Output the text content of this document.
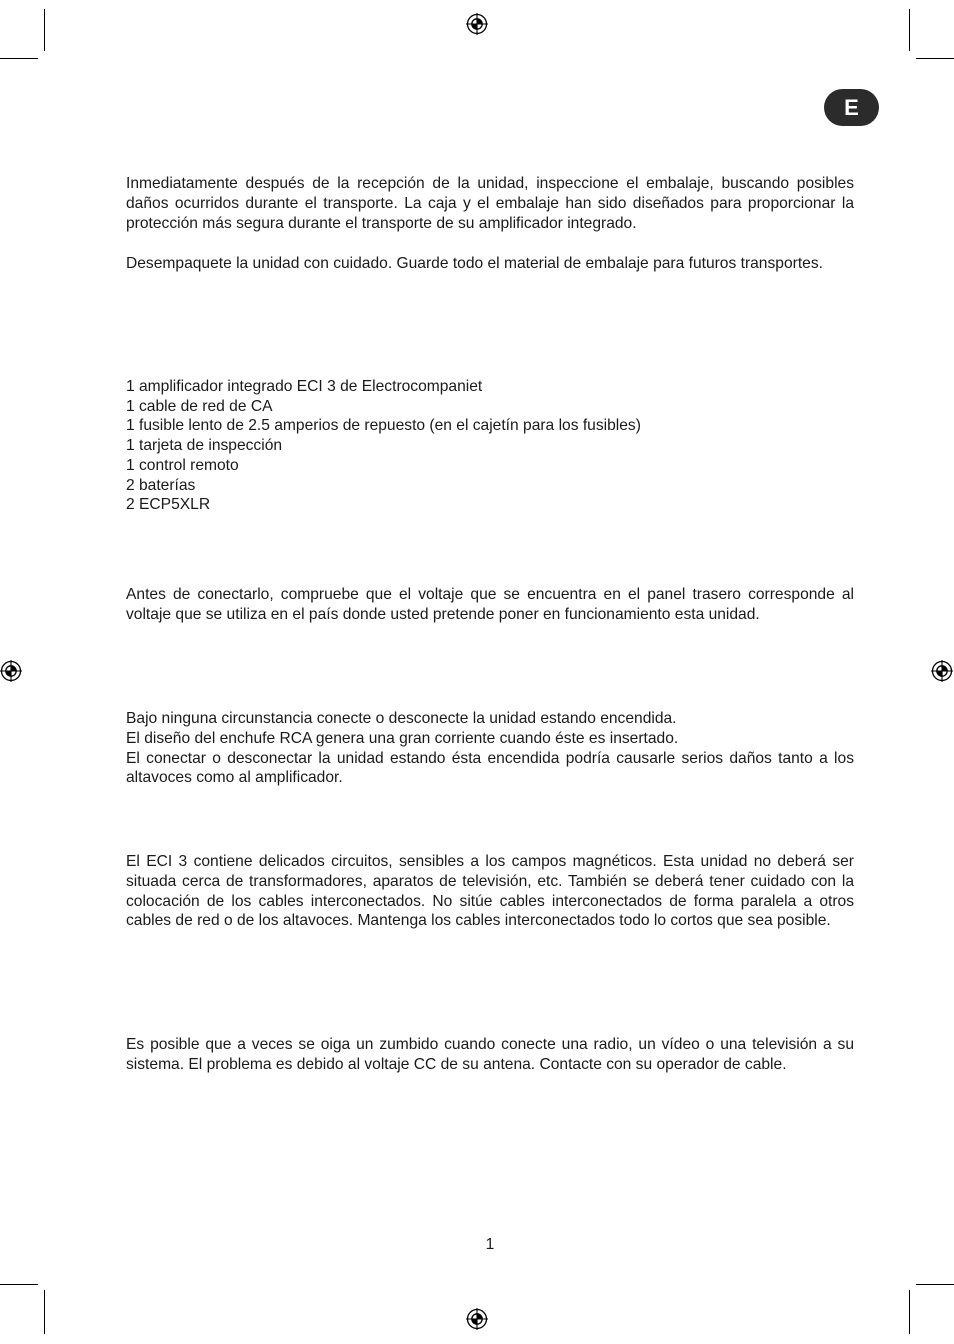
E

Inmediatamente después de la recepción de la unidad, inspeccione el embalaje, buscando posibles daños ocurridos durante el transporte. La caja y el embalaje han sido diseñados para proporcionar la protección más segura durante el transporte de su amplificador integrado.

Desempaquete la unidad con cuidado. Guarde todo el material de embalaje para futuros transportes.

1 amplificador integrado ECI 3 de Electrocompaniet
1 cable de red de CA
1 fusible lento de 2.5 amperios de repuesto (en el cajetín para los fusibles)
1 tarjeta de inspección
1 control remoto
2 baterías
2 ECP5XLR

Antes de conectarlo, compruebe que el voltaje que se encuentra en el panel trasero corresponde al voltaje que se utiliza en el país donde usted pretende poner en funcionamiento esta unidad.

Bajo ninguna circunstancia conecte o desconecte la unidad estando encendida.
El diseño del enchufe RCA genera una gran corriente cuando éste es insertado.
El conectar o desconectar la unidad estando ésta encendida podría causarle serios daños tanto a los altavoces como al amplificador.

El ECI 3 contiene delicados circuitos, sensibles a los campos magnéticos. Esta unidad no deberá ser situada cerca de transformadores, aparatos de televisión, etc. También se deberá tener cuidado con la colocación de los cables interconectados. No sitúe cables interconectados de forma paralela a otros cables de red o de los altavoces. Mantenga los cables interconectados todo lo cortos que sea posible.

Es posible que a veces se oiga un zumbido cuando conecte una radio, un vídeo o una televisión a su sistema. El problema es debido al voltaje CC de su antena. Contacte con su operador de cable.

1
